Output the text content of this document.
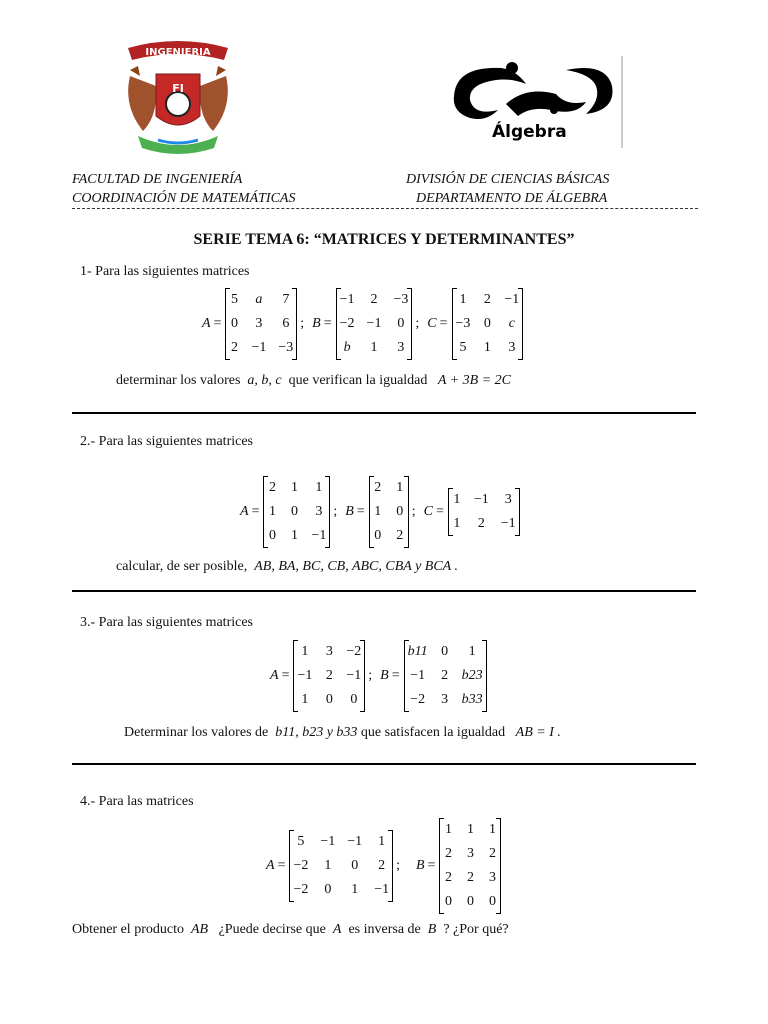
INGENIERIA
FI
Álgebra
FACULTAD DE INGENIERÍA
COORDINACIÓN DE MATEMÁTICAS
DIVISIÓN DE CIENCIAS BÁSICAS
DEPARTAMENTO DE ÁLGEBRA
SERIE TEMA 6: “MATRICES Y DETERMINANTES”
1- Para las siguientes matrices
A =
5 a 7
0 3 6
2 −1 −3
; B =
−1 2 −3
−2 −1 0
b 1 3
; C =
1 2 −1
−3 0	c
5 1 3
determinar los valores a, b, c que verifican la igualdad A + 3B = 2C
2.- Para las siguientes matrices
A =
2 1 1
1 0 3
0 1 −1
; B =
2 1
1 0
0 2
; C =
1 −1 3
1 2 −1
calcular, de ser posible, AB, BA, BC, CB, ABC, CBA y BCA .
3.- Para las siguientes matrices
A =
1 3 −2
−1 2 −1
1 0 0
; B =
b11 0	1
−1 2 b23
−2 3 b33
Determinar los valores de b11, b23 y b33 que satisfacen la igualdad AB = I .
4.- Para las matrices
A =
5 −1 −1 1
−2 1 0 2
−2 0 1 −1
;	B =
1 1 1
2 3 2
2 2 3
0 0 0
Obtener el producto AB ¿Puede decirse que A es inversa de B ? ¿Por qué?
